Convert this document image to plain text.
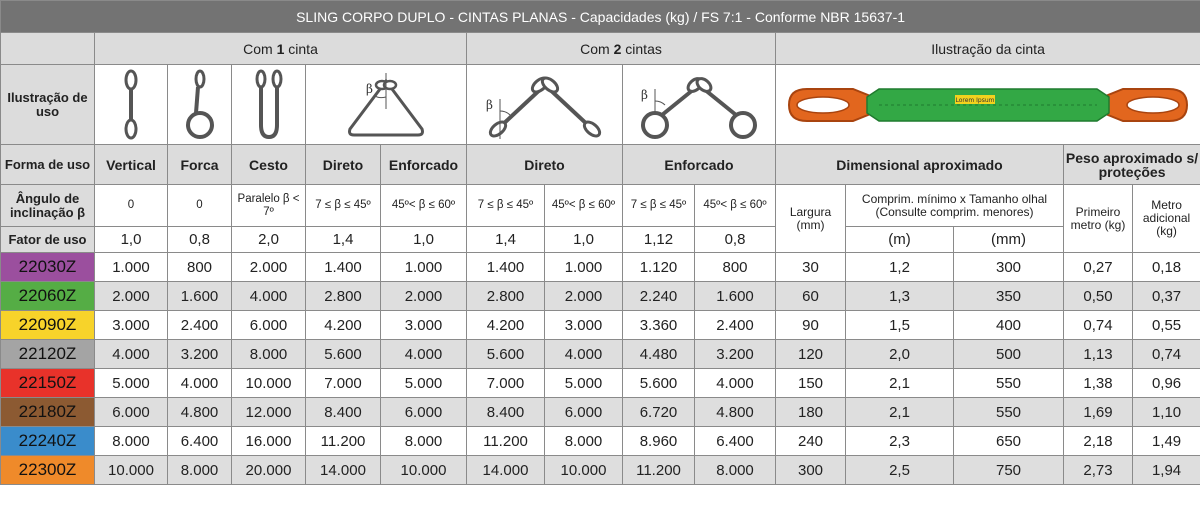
SLING CORPO DUPLO - CINTAS PLANAS - Capacidades (kg) / FS 7:1 - Conforme NBR 15637-1														
	Com 1 cinta					Com 2 cintas				Ilustração da cinta				
Ilustração de uso				β		β		β		Lorem Ipsum				

Forma de uso	Vertical	Forca	Cesto	Direto	Enforcado	Direto		Enforcado		Dimensional aproximado			Peso aproximado s/ proteções	
Ângulo de inclinação β	0	0	Paralelo β < 7º	7 ≤ β ≤ 45º	45º< β ≤ 60º	7 ≤ β ≤ 45º	45º< β ≤ 60º	7 ≤ β ≤ 45º	45º< β ≤ 60º	Largura (mm)	Comprim. mínimo x Tamanho olhal (Consulte comprim. menores)		Primeiro metro (kg)	Metro adicional (kg)
Fator de uso	1,0	0,8	2,0	1,4	1,0	1,4	1,0	1,12	0,8		(m)	(mm)		
22030Z	1.000	800	2.000	1.400	1.000	1.400	1.000	1.120	800	30	1,2	300	0,27	0,18
22060Z	2.000	1.600	4.000	2.800	2.000	2.800	2.000	2.240	1.600	60	1,3	350	0,50	0,37
22090Z	3.000	2.400	6.000	4.200	3.000	4.200	3.000	3.360	2.400	90	1,5	400	0,74	0,55
22120Z	4.000	3.200	8.000	5.600	4.000	5.600	4.000	4.480	3.200	120	2,0	500	1,13	0,74
22150Z	5.000	4.000	10.000	7.000	5.000	7.000	5.000	5.600	4.000	150	2,1	550	1,38	0,96
22180Z	6.000	4.800	12.000	8.400	6.000	8.400	6.000	6.720	4.800	180	2,1	550	1,69	1,10
22240Z	8.000	6.400	16.000	11.200	8.000	11.200	8.000	8.960	6.400	240	2,3	650	2,18	1,49
22300Z	10.000	8.000	20.000	14.000	10.000	14.000	10.000	11.200	8.000	300	2,5	750	2,73	1,94
